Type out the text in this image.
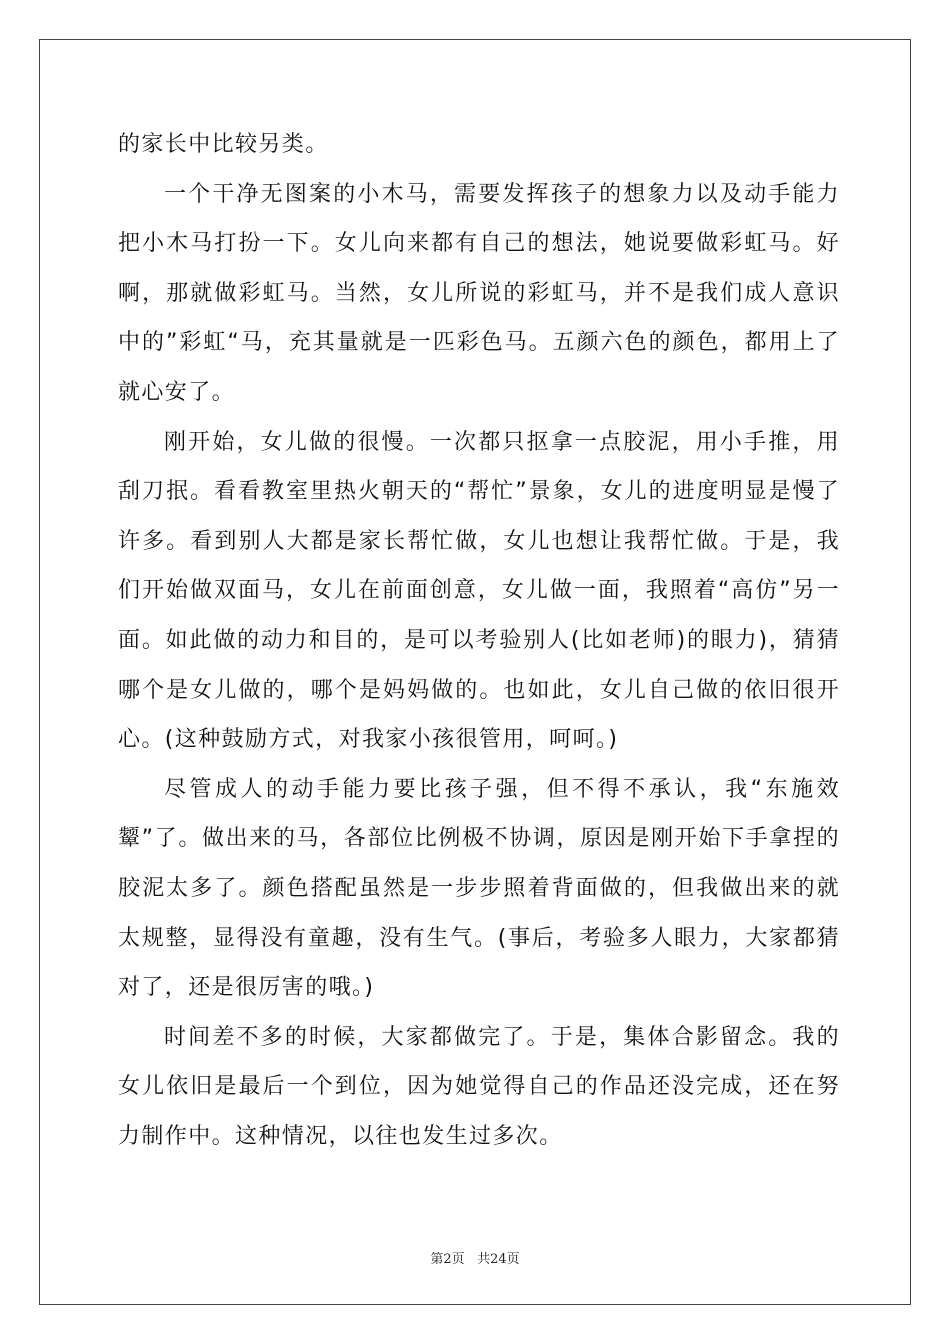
的家长中比较另类。

一个干净无图案的小木马，需要发挥孩子的想象力以及动手能力把小木马打扮一下。女儿向来都有自己的想法，她说要做彩虹马。好啊，那就做彩虹马。当然，女儿所说的彩虹马，并不是我们成人意识中的”彩虹“马，充其量就是一匹彩色马。五颜六色的颜色，都用上了就心安了。

刚开始，女儿做的很慢。一次都只抠拿一点胶泥，用小手推，用刮刀抿。看看教室里热火朝天的“帮忙”景象，女儿的进度明显是慢了许多。看到别人大都是家长帮忙做，女儿也想让我帮忙做。于是，我们开始做双面马，女儿在前面创意，女儿做一面，我照着“高仿”另一面。如此做的动力和目的，是可以考验别人(比如老师)的眼力)，猜猜哪个是女儿做的，哪个是妈妈做的。也如此，女儿自己做的依旧很开心。(这种鼓励方式，对我家小孩很管用，呵呵。)

尽管成人的动手能力要比孩子强，但不得不承认，我“东施效颦”了。做出来的马，各部位比例极不协调，原因是刚开始下手拿捏的胶泥太多了。颜色搭配虽然是一步步照着背面做的，但我做出来的就太规整，显得没有童趣，没有生气。(事后，考验多人眼力，大家都猜对了，还是很厉害的哦。)

时间差不多的时候，大家都做完了。于是，集体合影留念。我的女儿依旧是最后一个到位，因为她觉得自己的作品还没完成，还在努力制作中。这种情况，以往也发生过多次。

第2页 共24页
